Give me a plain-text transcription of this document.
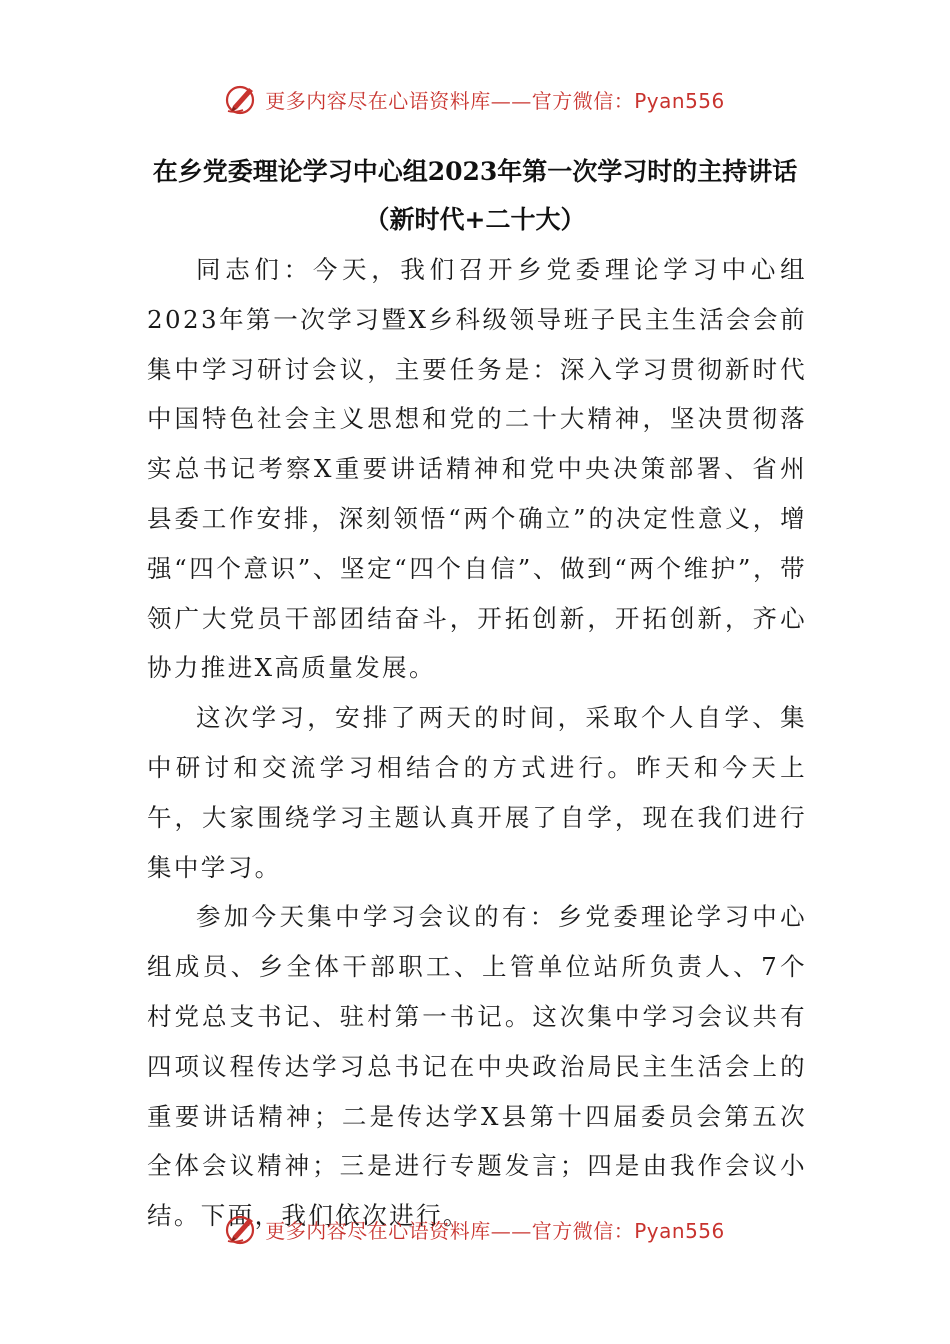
更多内容尽在心语资料库——官方微信：Pyan556
在乡党委理论学习中心组2023年第一次学习时的主持讲话
（新时代+二十大）

同志们：今天，我们召开乡党委理论学习中心组2023年第一次学习暨X乡科级领导班子民主生活会会前集中学习研讨会议，主要任务是：深入学习贯彻新时代中国特色社会主义思想和党的二十大精神，坚决贯彻落实总书记考察X重要讲话精神和党中央决策部署、省州县委工作安排，深刻领悟“两个确立”的决定性意义，增强“四个意识”、坚定“四个自信”、做到“两个维护”，带领广大党员干部团结奋斗，开拓创新，开拓创新，齐心协力推进X高质量发展。

这次学习，安排了两天的时间，采取个人自学、集中研讨和交流学习相结合的方式进行。昨天和今天上午，大家围绕学习主题认真开展了自学，现在我们进行集中学习。

参加今天集中学习会议的有：乡党委理论学习中心组成员、乡全体干部职工、上管单位站所负责人、7个村党总支书记、驻村第一书记。这次集中学习会议共有四项议程传达学习总书记在中央政治局民主生活会上的重要讲话精神；二是传达学X县第十四届委员会第五次全体会议精神；三是进行专题发言；四是由我作会议小结。下面，我们依次进行。

更多内容尽在心语资料库——官方微信：Pyan556
